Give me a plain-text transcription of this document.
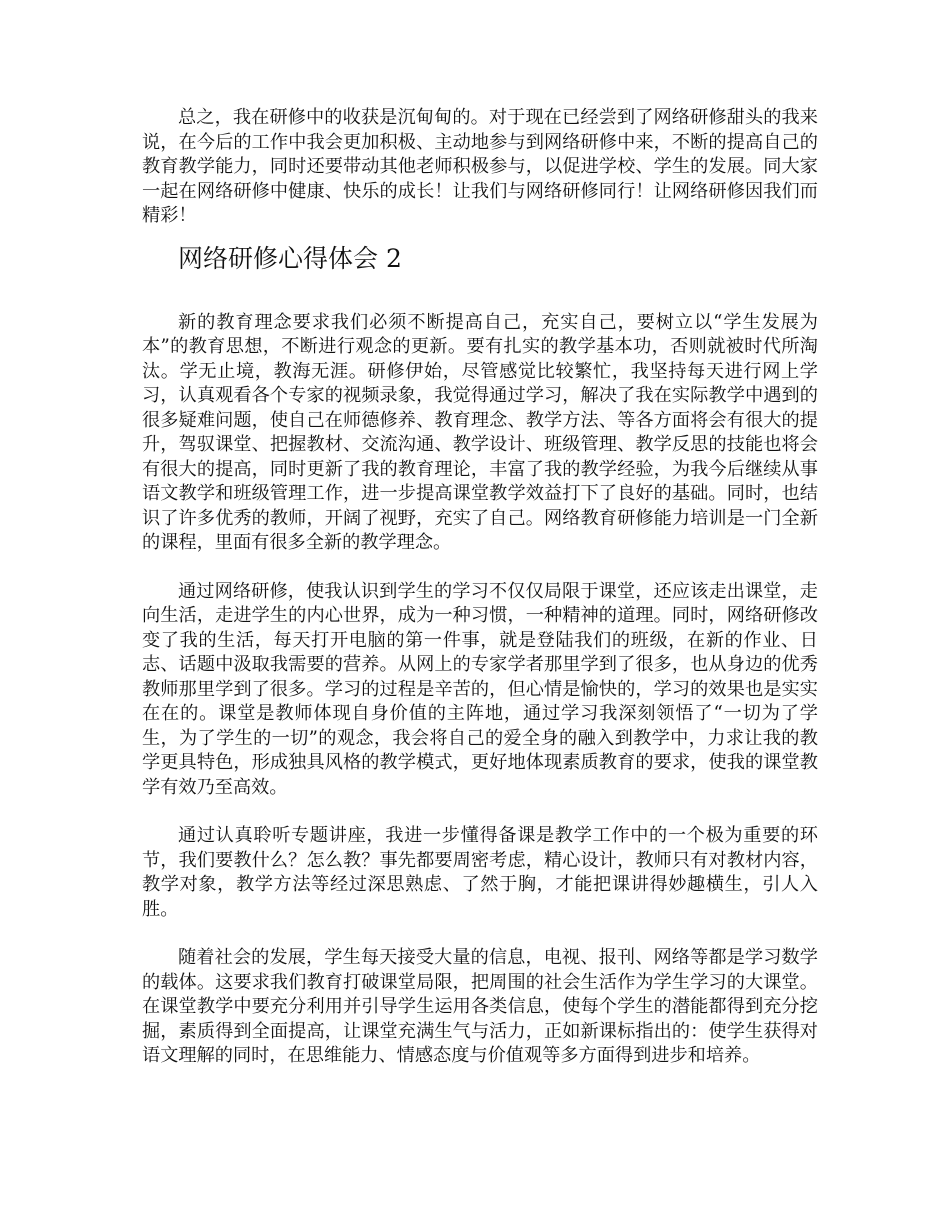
总之，我在研修中的收获是沉甸甸的。对于现在已经尝到了网络研修甜头的我来说，在今后的工作中我会更加积极、主动地参与到网络研修中来，不断的提高自己的教育教学能力，同时还要带动其他老师积极参与，以促进学校、学生的发展。同大家一起在网络研修中健康、快乐的成长！让我们与网络研修同行！让网络研修因我们而精彩！

网络研修心得体会 2

新的教育理念要求我们必须不断提高自己，充实自己，要树立以“学生发展为本”的教育思想，不断进行观念的更新。要有扎实的教学基本功，否则就被时代所淘汰。学无止境，教海无涯。研修伊始，尽管感觉比较繁忙，我坚持每天进行网上学习，认真观看各个专家的视频录象，我觉得通过学习，解决了我在实际教学中遇到的很多疑难问题，使自己在师德修养、教育理念、教学方法、等各方面将会有很大的提升，驾驭课堂、把握教材、交流沟通、教学设计、班级管理、教学反思的技能也将会有很大的提高，同时更新了我的教育理论，丰富了我的教学经验，为我今后继续从事语文教学和班级管理工作，进一步提高课堂教学效益打下了良好的基础。同时，也结识了许多优秀的教师，开阔了视野，充实了自己。网络教育研修能力培训是一门全新的课程，里面有很多全新的教学理念。

通过网络研修，使我认识到学生的学习不仅仅局限于课堂，还应该走出课堂，走向生活，走进学生的内心世界，成为一种习惯，一种精神的道理。同时，网络研修改变了我的生活，每天打开电脑的第一件事，就是登陆我们的班级，在新的作业、日志、话题中汲取我需要的营养。从网上的专家学者那里学到了很多，也从身边的优秀教师那里学到了很多。学习的过程是辛苦的，但心情是愉快的，学习的效果也是实实在在的。课堂是教师体现自身价值的主阵地，通过学习我深刻领悟了“一切为了学生，为了学生的一切”的观念，我会将自己的爱全身的融入到教学中，力求让我的教学更具特色，形成独具风格的教学模式，更好地体现素质教育的要求，使我的课堂教学有效乃至高效。

通过认真聆听专题讲座，我进一步懂得备课是教学工作中的一个极为重要的环节，我们要教什么？怎么教？事先都要周密考虑，精心设计，教师只有对教材内容，教学对象，教学方法等经过深思熟虑、了然于胸，才能把课讲得妙趣横生，引人入胜。

随着社会的发展，学生每天接受大量的信息，电视、报刊、网络等都是学习数学的载体。这要求我们教育打破课堂局限，把周围的社会生活作为学生学习的大课堂。在课堂教学中要充分利用并引导学生运用各类信息，使每个学生的潜能都得到充分挖掘，素质得到全面提高，让课堂充满生气与活力，正如新课标指出的：使学生获得对语文理解的同时，在思维能力、情感态度与价值观等多方面得到进步和培养。
